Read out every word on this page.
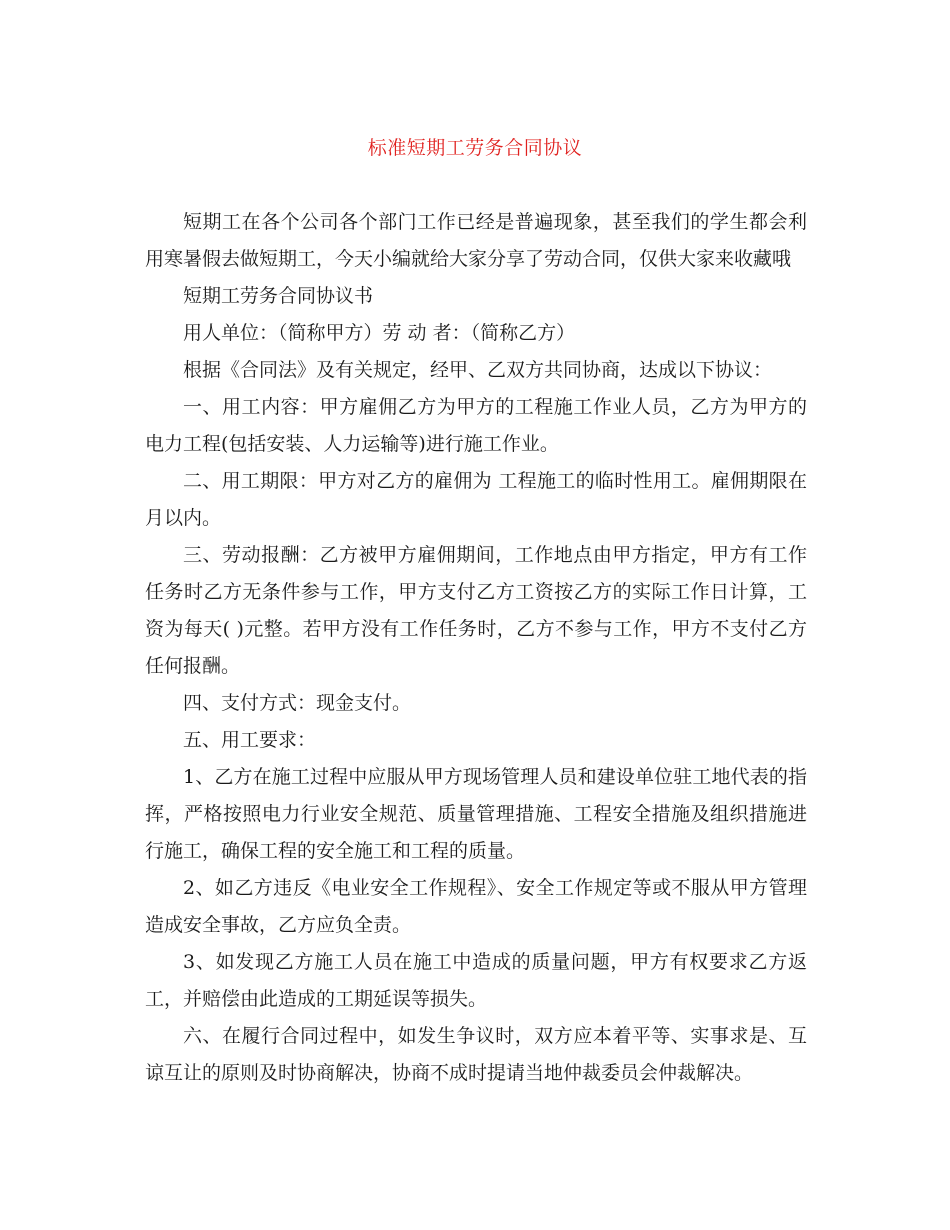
标准短期工劳务合同协议

短期工在各个公司各个部门工作已经是普遍现象，甚至我们的学生都会利用寒暑假去做短期工，今天小编就给大家分享了劳动合同，仅供大家来收藏哦

短期工劳务合同协议书

用人单位：（简称甲方）劳 动 者：（简称乙方）

根据《合同法》及有关规定，经甲、乙双方共同协商，达成以下协议：

一、用工内容：甲方雇佣乙方为甲方的工程施工作业人员，乙方为甲方的电力工程(包括安装、人力运输等)进行施工作业。

二、用工期限：甲方对乙方的雇佣为 工程施工的临时性用工。雇佣期限在 月以内。

三、劳动报酬：乙方被甲方雇佣期间，工作地点由甲方指定，甲方有工作任务时乙方无条件参与工作，甲方支付乙方工资按乙方的实际工作日计算，工资为每天( )元整。若甲方没有工作任务时，乙方不参与工作，甲方不支付乙方任何报酬。

四、支付方式：现金支付。

五、用工要求：

1、乙方在施工过程中应服从甲方现场管理人员和建设单位驻工地代表的指挥，严格按照电力行业安全规范、质量管理措施、工程安全措施及组织措施进行施工，确保工程的安全施工和工程的质量。

2、如乙方违反《电业安全工作规程》、安全工作规定等或不服从甲方管理造成安全事故，乙方应负全责。

3、如发现乙方施工人员在施工中造成的质量问题，甲方有权要求乙方返工，并赔偿由此造成的工期延误等损失。

六、在履行合同过程中，如发生争议时，双方应本着平等、实事求是、互谅互让的原则及时协商解决，协商不成时提请当地仲裁委员会仲裁解决。
